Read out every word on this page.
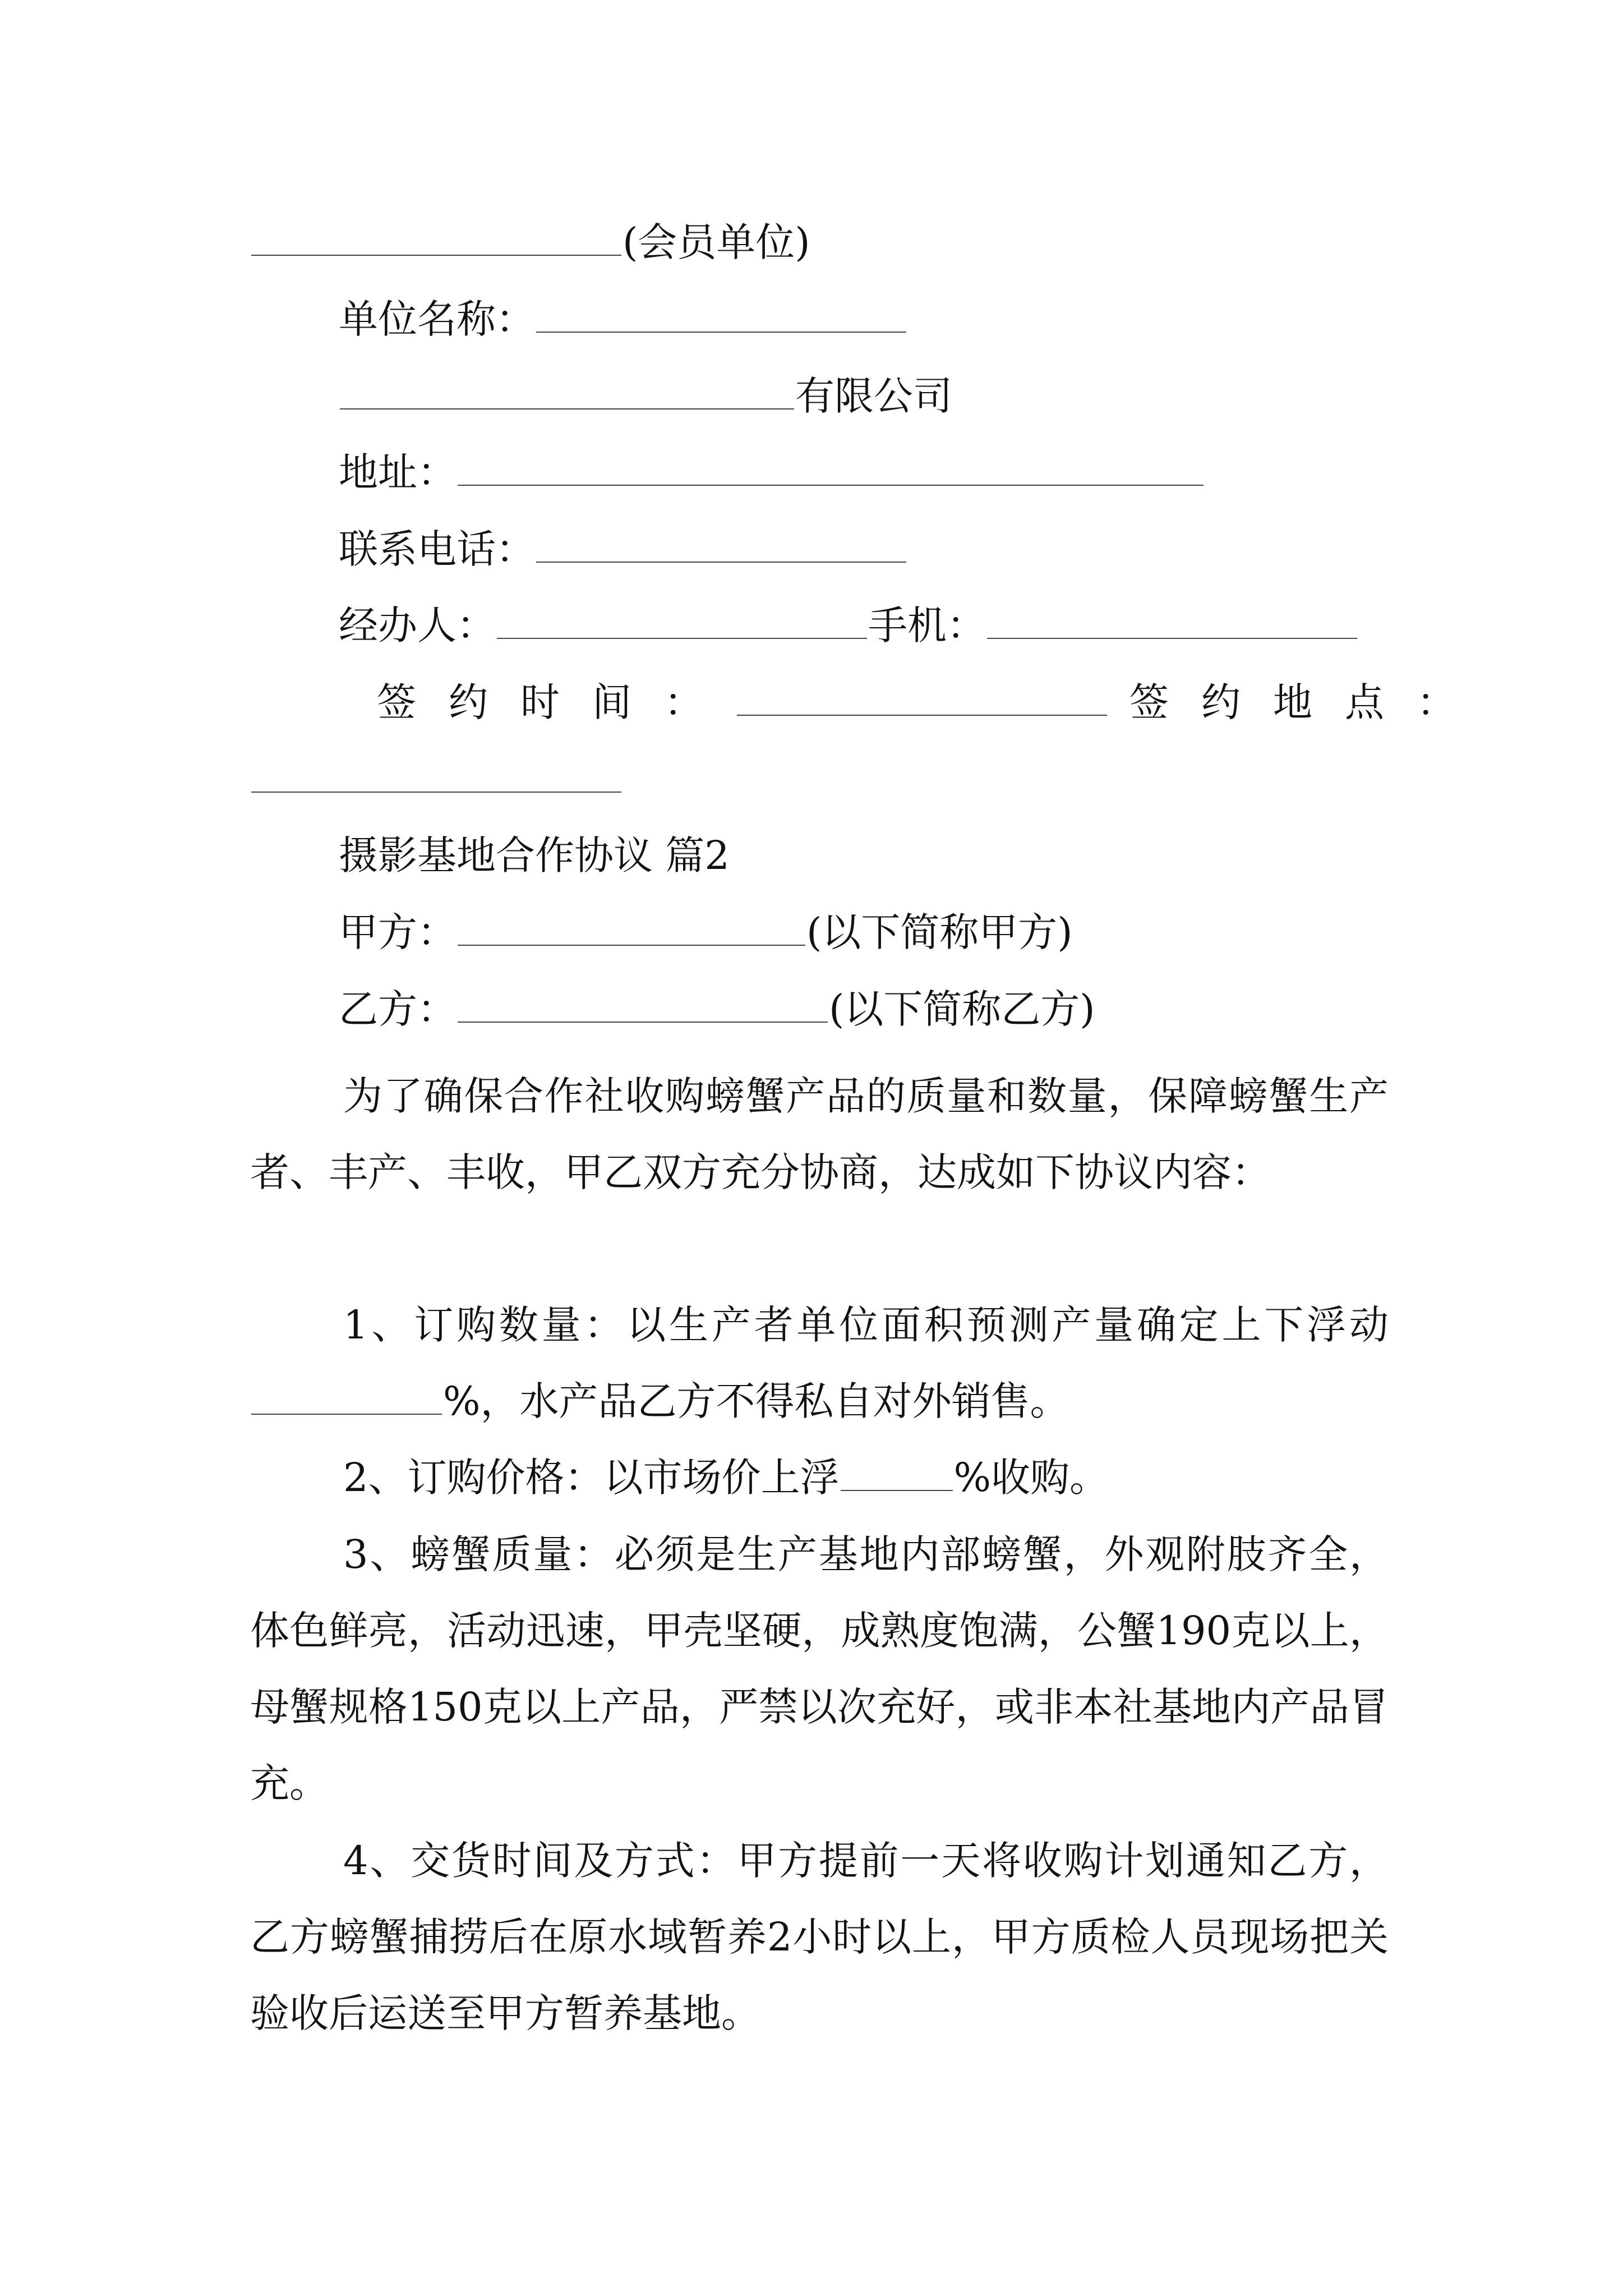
(会员单位)
单位名称：
有限公司
地址：
联系电话：
经办人：	手机：
签约时间：	签约地点：
摄影基地合作协议 篇2
甲方：	(以下简称甲方)
乙方：	(以下简称乙方)

为了确保合作社收购螃蟹产品的质量和数量，保障螃蟹生产者、丰产、丰收，甲乙双方充分协商，达成如下协议内容：

1、订购数量：以生产者单位面积预测产量确定上下浮动%，水产品乙方不得私自对外销售。

2、订购价格：以市场价上浮	%收购。

3、螃蟹质量：必须是生产基地内部螃蟹，外观附肢齐全，体色鲜亮，活动迅速，甲壳坚硬，成熟度饱满，公蟹190克以上，母蟹规格150克以上产品，严禁以次充好，或非本社基地内产品冒充。

4、交货时间及方式：甲方提前一天将收购计划通知乙方，乙方螃蟹捕捞后在原水域暂养2小时以上，甲方质检人员现场把关验收后运送至甲方暂养基地。
